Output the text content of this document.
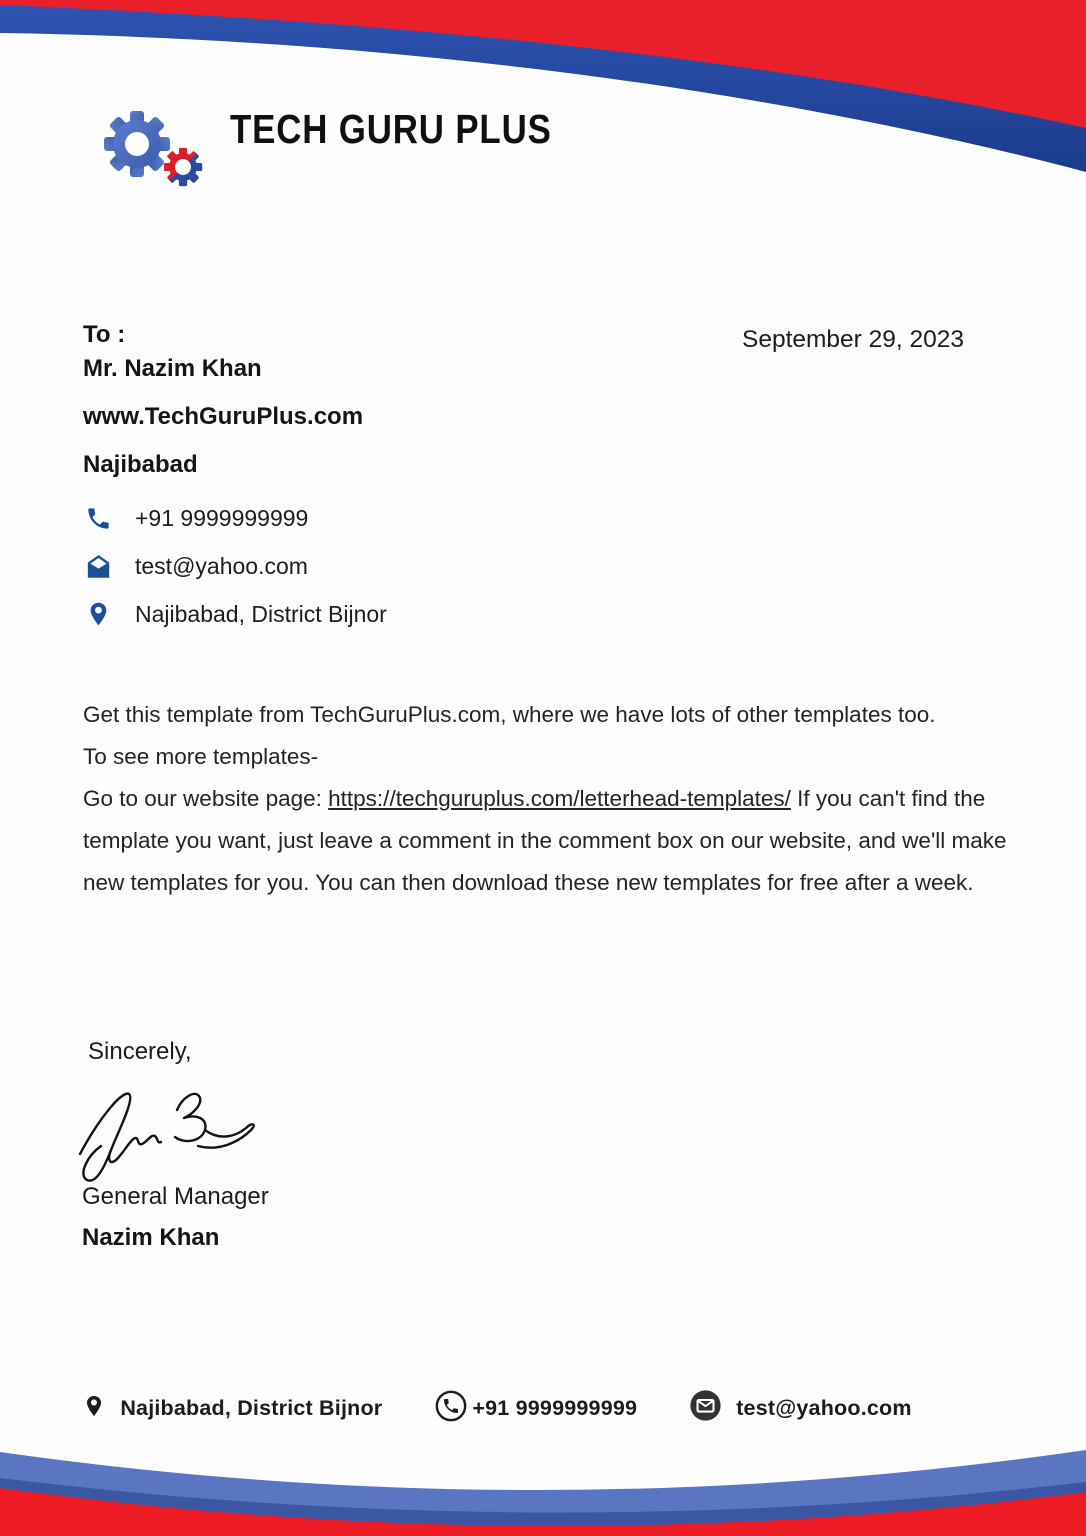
TECH GURU PLUS
September 29, 2023
To :
Mr. Nazim Khan
www.TechGuruPlus.com
Najibabad
+91 9999999999
test@yahoo.com
Najibabad, District Bijnor
Get this template from TechGuruPlus.com, where we have lots of other templates too.
To see more templates-
Go to our website page: https://techguruplus.com/letterhead-templates/ If you can't find the template you want, just leave a comment in the comment box on our website, and we'll make new templates for you. You can then download these new templates for free after a week.
Sincerely,
General Manager
Nazim Khan
Najibabad, District Bijnor	+91 9999999999	test@yahoo.com
